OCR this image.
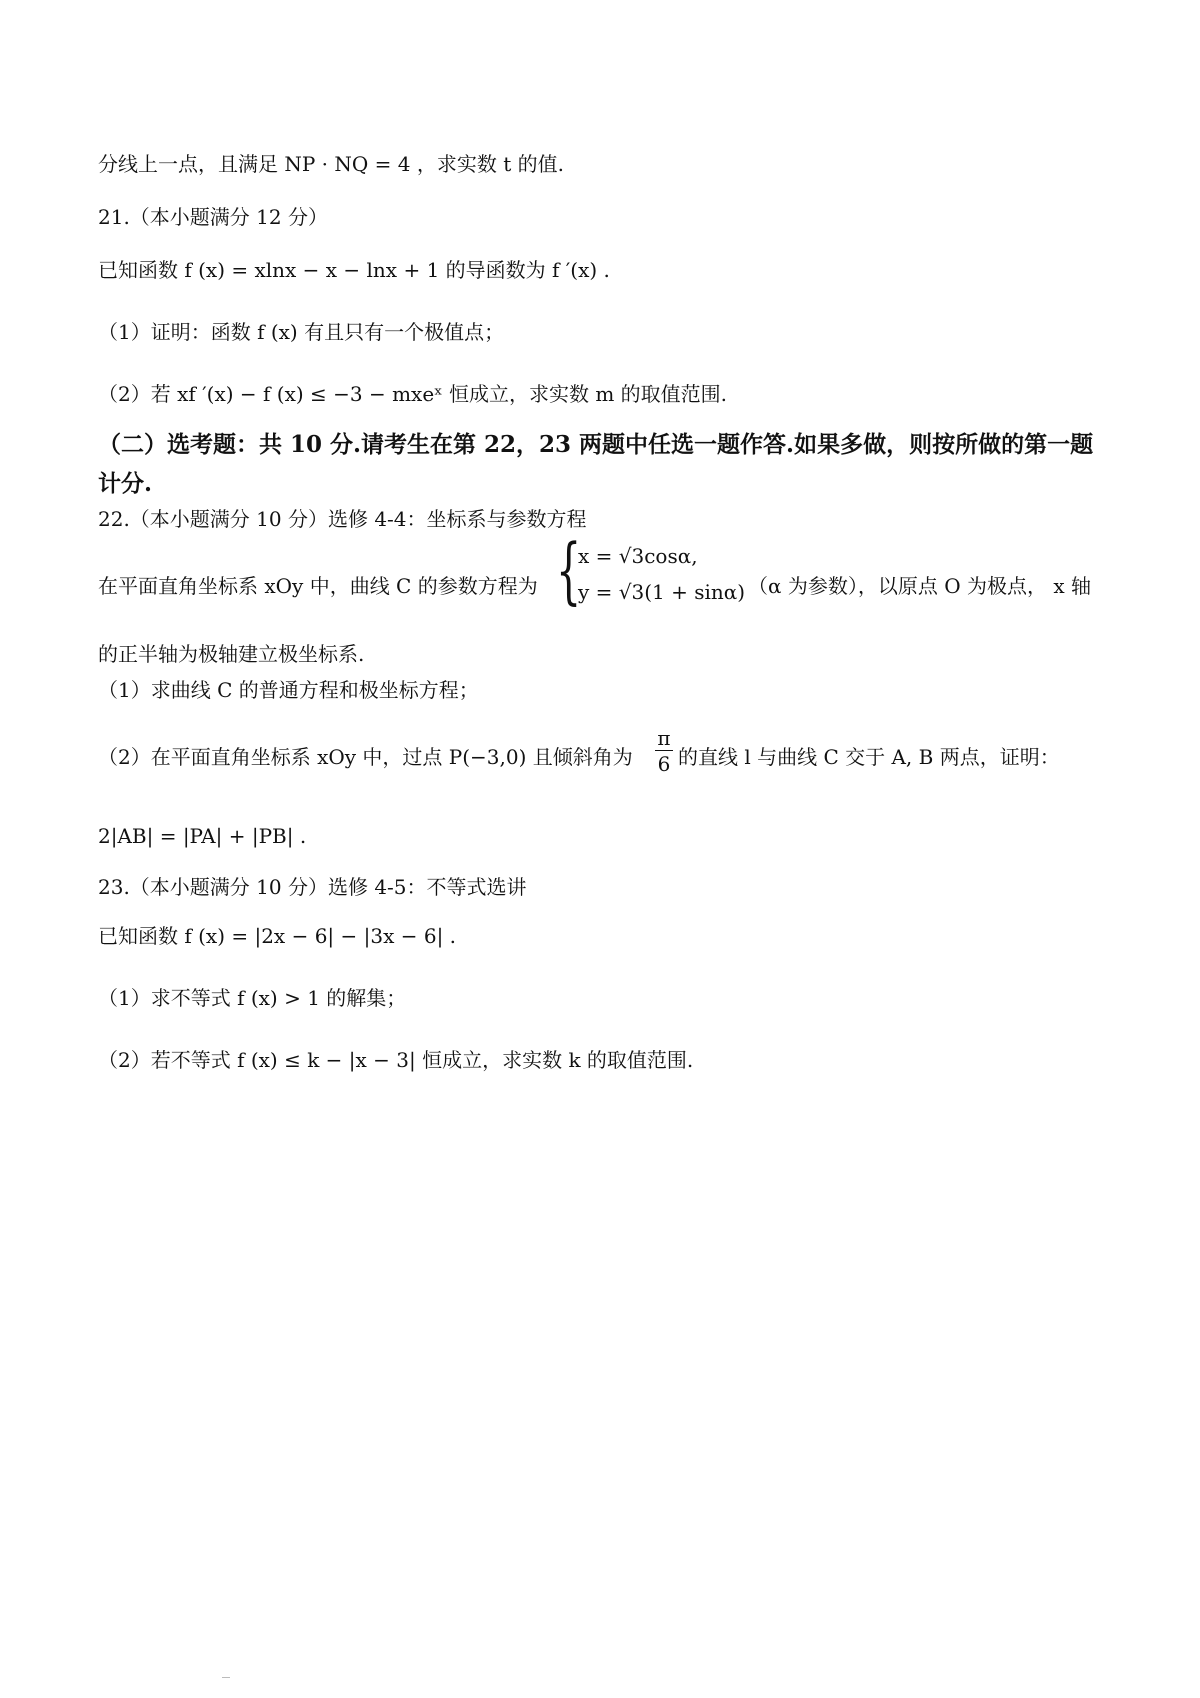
分线上一点，且满足 NP · NQ = 4 ，求实数 t 的值.
21.（本小题满分 12 分）
已知函数 f (x) = xlnx − x − lnx + 1 的导函数为 f ′(x) .
（1）证明：函数 f (x) 有且只有一个极值点；
（2）若 xf ′(x) − f (x) ≤ −3 − mxeˣ 恒成立，求实数 m 的取值范围.
（二）选考题：共 10 分.请考生在第 22，23 两题中任选一题作答.如果多做，则按所做的第一题
计分.
22.（本小题满分 10 分）选修 4-4：坐标系与参数方程
在平面直角坐标系 xOy 中，曲线 C 的参数方程为 {
x = √3cosα,
y = √3(1 + sinα) （α 为参数），以原点 O 为极点， x 轴
的正半轴为极轴建立极坐标系.
（1）求曲线 C 的普通方程和极坐标方程；
（2）在平面直角坐标系 xOy 中，过点 P(−3,0) 且倾斜角为 $\frac{\pi}{6}$ 的直线 l 与曲线 C 交于 A, B 两点，证明：
2|AB| = |PA| + |PB| .
23.（本小题满分 10 分）选修 4-5：不等式选讲
已知函数 f (x) = |2x − 6| − |3x − 6| .
（1）求不等式 f (x) > 1 的解集；
（2）若不等式 f (x) ≤ k − |x − 3| 恒成立，求实数 k 的取值范围.
